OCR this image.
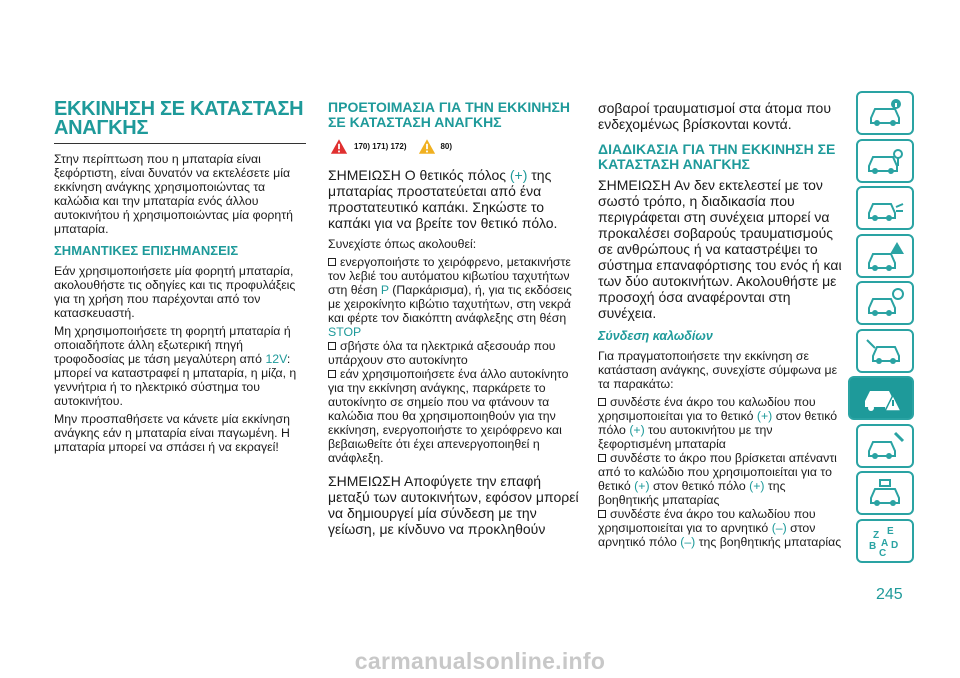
ΕΚΚΙΝΗΣΗ ΣΕ ΚΑΤΑΣΤΑΣΗ ΑΝΑΓΚΗΣ

Στην περίπτωση που η μπαταρία είναι ξεφόρτιστη, είναι δυνατόν να εκτελέσετε μία εκκίνηση ανάγκης χρησιμοποιώντας τα καλώδια και την μπαταρία ενός άλλου αυτοκινήτου ή χρησιμοποιώντας μία φορητή μπαταρία.

ΣΗΜΑΝΤΙΚΕΣ ΕΠΙΣΗΜΑΝΣΕΙΣ

Εάν χρησιμοποιήσετε μία φορητή μπαταρία, ακολουθήστε τις οδηγίες και τις προφυλάξεις για τη χρήση που παρέχονται από τον κατασκευαστή.

Μη χρησιμοποιήσετε τη φορητή μπαταρία ή οποιαδήποτε άλλη εξωτερική πηγή τροφοδοσίας με τάση μεγαλύτερη από 12V: μπορεί να καταστραφεί η μπαταρία, η μίζα, η γεννήτρια ή το ηλεκτρικό σύστημα του αυτοκινήτου.

Μην προσπαθήσετε να κάνετε μία εκκίνηση ανάγκης εάν η μπαταρία είναι παγωμένη. Η μπαταρία μπορεί να σπάσει ή να εκραγεί!

ΠΡΟΕΤΟΙΜΑΣΙΑ ΓΙΑ ΤΗΝ ΕΚΚΙΝΗΣΗ ΣΕ ΚΑΤΑΣΤΑΣΗ ΑΝΑΓΚΗΣ
170) 171) 172)	80)

ΣΗΜΕΙΩΣΗ Ο θετικός πόλος (+) της μπαταρίας προστατεύεται από ένα προστατευτικό καπάκι. Σηκώστε το καπάκι για να βρείτε τον θετικό πόλο.

Συνεχίστε όπως ακολουθεί:

ενεργοποιήστε το χειρόφρενο, μετακινήστε τον λεβιέ του αυτόματου κιβωτίου ταχυτήτων στη θέση P (Παρκάρισμα), ή, για τις εκδόσεις με χειροκίνητο κιβώτιο ταχυτήτων, στη νεκρά και φέρτε τον διακόπτη ανάφλεξης στη θέση STOP
σβήστε όλα τα ηλεκτρικά αξεσουάρ που υπάρχουν στο αυτοκίνητο
εάν χρησιμοποιήσετε ένα άλλο αυτοκίνητο για την εκκίνηση ανάγκης, παρκάρετε το αυτοκίνητο σε σημείο που να φτάνουν τα καλώδια που θα χρησιμοποιηθούν για την εκκίνηση, ενεργοποιήστε το χειρόφρενο και βεβαιωθείτε ότι έχει απενεργοποιηθεί η ανάφλεξη.

ΣΗΜΕΙΩΣΗ Αποφύγετε την επαφή μεταξύ των αυτοκινήτων, εφόσον μπορεί να δημιουργεί μία σύνδεση με την γείωση, με κίνδυνο να προκληθούν

σοβαροί τραυματισμοί στα άτομα που ενδεχομένως βρίσκονται κοντά.

ΔΙΑΔΙΚΑΣΙΑ ΓΙΑ ΤΗΝ ΕΚΚΙΝΗΣΗ ΣΕ ΚΑΤΑΣΤΑΣΗ ΑΝΑΓΚΗΣ

ΣΗΜΕΙΩΣΗ Αν δεν εκτελεστεί με τον σωστό τρόπο, η διαδικασία που περιγράφεται στη συνέχεια μπορεί να προκαλέσει σοβαρούς τραυματισμούς σε ανθρώπους ή να καταστρέψει το σύστημα επαναφόρτισης του ενός ή και των δύο αυτοκινήτων. Ακολουθήστε με προσοχή όσα αναφέρονται στη συνέχεια.

Σύνδεση καλωδίων

Για πραγματοποιήσετε την εκκίνηση σε κατάσταση ανάγκης, συνεχίστε σύμφωνα με τα παρακάτω:

συνδέστε ένα άκρο του καλωδίου που χρησιμοποιείται για το θετικό (+) στον θετικό πόλο (+) του αυτοκινήτου με την ξεφορτισμένη μπαταρία
συνδέστε το άκρο που βρίσκεται απέναντι από το καλώδιο που χρησιμοποιείται για το θετικό (+) στον θετικό πόλο (+) της βοηθητικής μπαταρίας
συνδέστε ένα άκρο του καλωδίου που χρησιμοποιείται για το αρνητικό (–) στον αρνητικό πόλο (–) της βοηθητικής μπαταρίας	Z E
B D
C
A
245
carmanualsonline.info
